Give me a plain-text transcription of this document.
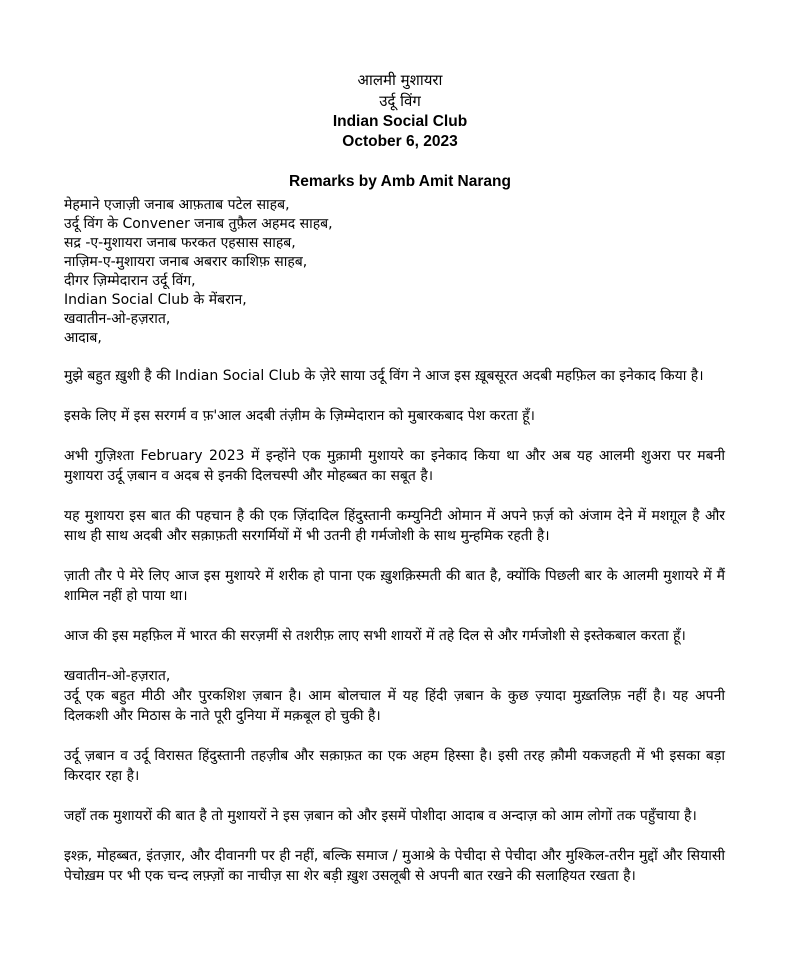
आलमी मुशायरा
उर्दू विंग
Indian Social Club
October 6, 2023
Remarks by Amb Amit Narang
मेहमाने एजाज़ी जनाब आफ़ताब पटेल साहब,
उर्दू विंग के Convener जनाब तुफ़ैल अहमद साहब,
सद्र -ए-मुशायरा जनाब फरकत एहसास साहब,
नाज़िम-ए-मुशायरा जनाब अबरार काशिफ़ साहब,
दीगर ज़िम्मेदारान उर्दू विंग,
Indian Social Club के मेंबरान,
खवातीन-ओ-हज़रात,
आदाब,
मुझे बहुत ख़ुशी है की Indian Social Club के ज़ेरे साया उर्दू विंग ने आज इस ख़ूबसूरत अदबी महफ़िल का इनेकाद किया है।
इसके लिए में इस सरगर्म व फ़'आल अदबी तंज़ीम के ज़िम्मेदारान को मुबारकबाद पेश करता हूँ।
अभी गुज़िश्ता February 2023 में इन्होंने एक मुक़ामी मुशायरे का इनेकाद किया था और अब यह आलमी शुअरा पर मबनी मुशायरा उर्दू ज़बान व अदब से इनकी दिलचस्पी और मोहब्बत का सबूत है।
यह मुशायरा इस बात की पहचान है की एक ज़िंदादिल हिंदुस्तानी कम्युनिटी ओमान में अपने फ़र्ज़ को अंजाम देने में मशग़ूल है और साथ ही साथ अदबी और सक़ाफ़ती सरगर्मियों में भी उतनी ही गर्मजोशी के साथ मुन्हमिक रहती है।
ज़ाती तौर पे मेरे लिए आज इस मुशायरे में शरीक हो पाना एक ख़ुशक़िस्मती की बात है, क्योंकि पिछली बार के आलमी मुशायरे में मैं शामिल नहीं हो पाया था।
आज की इस महफ़िल में भारत की सरज़मीं से तशरीफ़ लाए सभी शायरों में तहे दिल से और गर्मजोशी से इस्तेकबाल करता हूँ।
खवातीन-ओ-हज़रात,
उर्दू एक बहुत मीठी और पुरकशिश ज़बान है। आम बोलचाल में यह हिंदी ज़बान के कुछ ज़्यादा मुख़्तलिफ़ नहीं है। यह अपनी दिलकशी और मिठास के नाते पूरी दुनिया में मक़बूल हो चुकी है।
उर्दू ज़बान व उर्दू विरासत हिंदुस्तानी तहज़ीब और सक़ाफ़त का एक अहम हिस्सा है। इसी तरह क़ौमी यकजहती में भी इसका बड़ा किरदार रहा है।
जहाँ तक मुशायरों की बात है तो मुशायरों ने इस ज़बान को और इसमें पोशीदा आदाब व अन्दाज़ को आम लोगों तक पहुँचाया है।
इश्क़, मोहब्बत, इंतज़ार, और दीवानगी पर ही नहीं, बल्कि समाज / मुआश्रे के पेचीदा से पेचीदा और मुश्किल-तरीन मुद्दों और सियासी पेचोख़म पर भी एक चन्द लफ़्ज़ों का नाचीज़ सा शेर बड़ी ख़ुश उसलूबी से अपनी बात रखने की सलाहियत रखता है।
